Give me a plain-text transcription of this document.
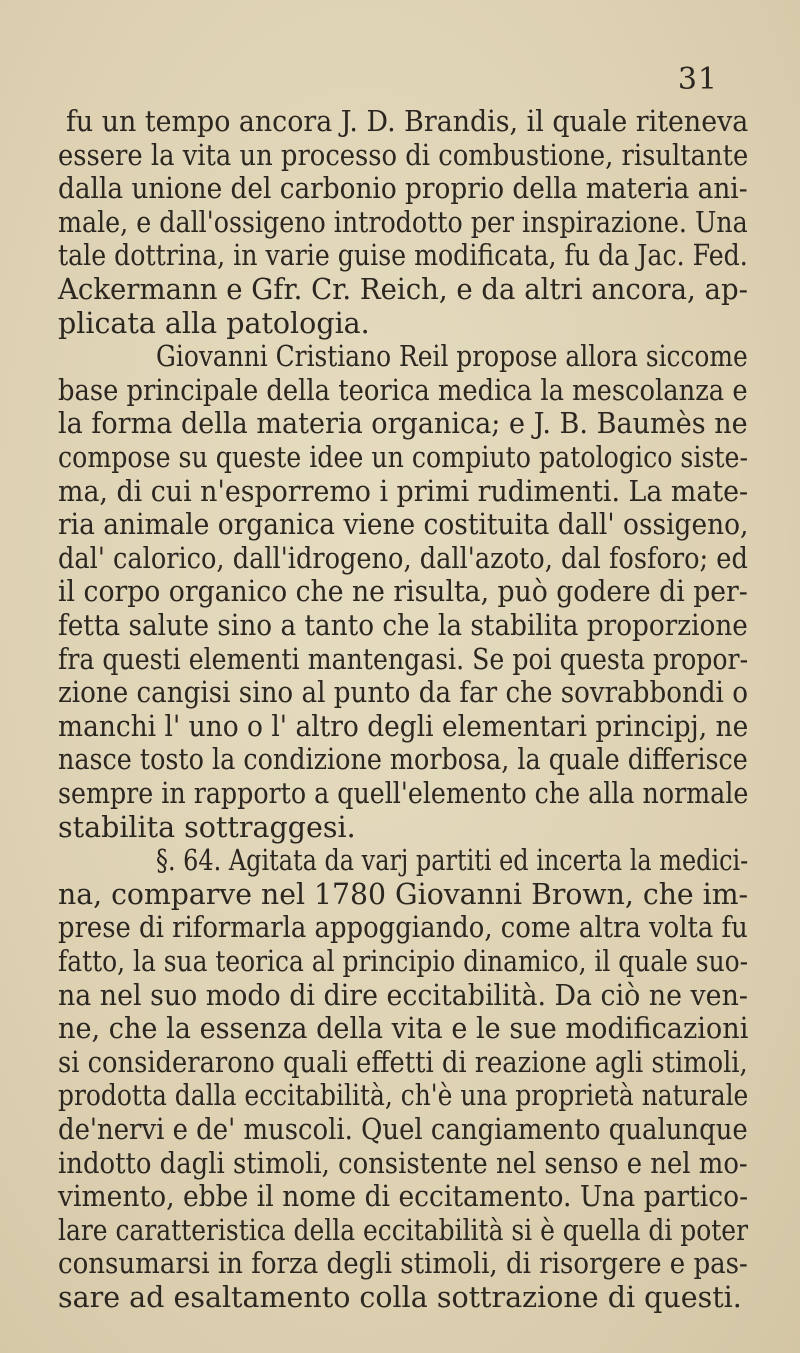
31
fu un tempo ancora J. D. Brandis, il quale riteneva
essere la vita un processo di combustione, risultante
dalla unione del carbonio proprio della materia ani-
male, e dall'ossigeno introdotto per inspirazione. Una
tale dottrina, in varie guise modificata, fu da Jac. Fed.
Ackermann e Gfr. Cr. Reich, e da altri ancora, ap-
plicata alla patologia.
Giovanni Cristiano Reil propose allora siccome
base principale della teorica medica la mescolanza e
la forma della materia organica; e J. B. Baumès ne
compose su queste idee un compiuto patologico siste-
ma, di cui n'esporremo i primi rudimenti. La mate-
ria animale organica viene costituita dall' ossigeno,
dal' calorico, dall'idrogeno, dall'azoto, dal fosforo; ed
il corpo organico che ne risulta, può godere di per-
fetta salute sino a tanto che la stabilita proporzione
fra questi elementi mantengasi. Se poi questa propor-
zione cangisi sino al punto da far che sovrabbondi o
manchi l' uno o l' altro degli elementari principj, ne
nasce tosto la condizione morbosa, la quale differisce
sempre in rapporto a quell'elemento che alla normale
stabilita sottraggesi.
§. 64. Agitata da varj partiti ed incerta la medici-
na, comparve nel 1780 Giovanni Brown, che im-
prese di riformarla appoggiando, come altra volta fu
fatto, la sua teorica al principio dinamico, il quale suo-
na nel suo modo di dire eccitabilità. Da ciò ne ven-
ne, che la essenza della vita e le sue modificazioni
si considerarono quali effetti di reazione agli stimoli,
prodotta dalla eccitabilità, ch'è una proprietà naturale
de'nervi e de' muscoli. Quel cangiamento qualunque
indotto dagli stimoli, consistente nel senso e nel mo-
vimento, ebbe il nome di eccitamento. Una partico-
lare caratteristica della eccitabilità si è quella di poter
consumarsi in forza degli stimoli, di risorgere e pas-
sare ad esaltamento colla sottrazione di questi.
